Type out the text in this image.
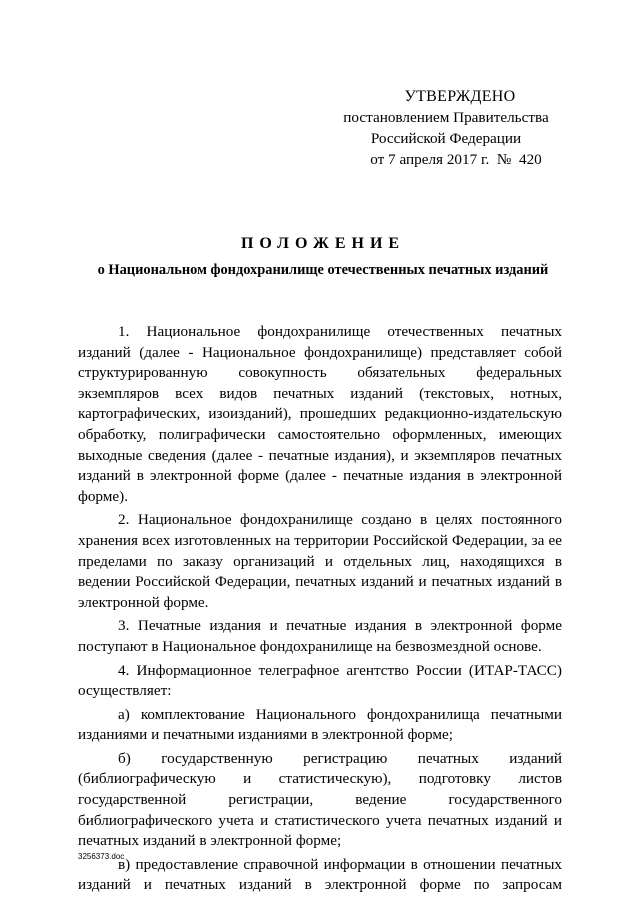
УТВЕРЖДЕНО
постановлением Правительства
Российской Федерации
от 7 апреля 2017 г.  №  420
ПОЛОЖЕНИЕ
о Национальном фондохранилище отечественных печатных изданий

1. Национальное фондохранилище отечественных печатных изданий (далее - Национальное фондохранилище) представляет собой структурированную совокупность обязательных федеральных экземпляров всех видов печатных изданий (текстовых, нотных, картографических, изоизданий), прошедших редакционно-издательскую обработку, полиграфически самостоятельно оформленных, имеющих выходные сведения (далее - печатные издания), и экземпляров печатных изданий в электронной форме (далее - печатные издания в электронной форме).

2. Национальное фондохранилище создано в целях постоянного хранения всех изготовленных на территории Российской Федерации, за ее пределами по заказу организаций и отдельных лиц, находящихся в ведении Российской Федерации, печатных изданий и печатных изданий в электронной форме.

3. Печатные издания и печатные издания в электронной форме поступают в Национальное фондохранилище на безвозмездной основе.

4. Информационное телеграфное агентство России (ИТАР-ТАСС) осуществляет:

а) комплектование Национального фондохранилища печатными изданиями и печатными изданиями в электронной форме;

б) государственную регистрацию печатных изданий (библиографическую и статистическую), подготовку листов государственной регистрации, ведение государственного библиографического учета и статистического учета печатных изданий и печатных изданий в электронной форме;

в) предоставление справочной информации в отношении печатных изданий и печатных изданий в электронной форме по запросам

3256373.doc
